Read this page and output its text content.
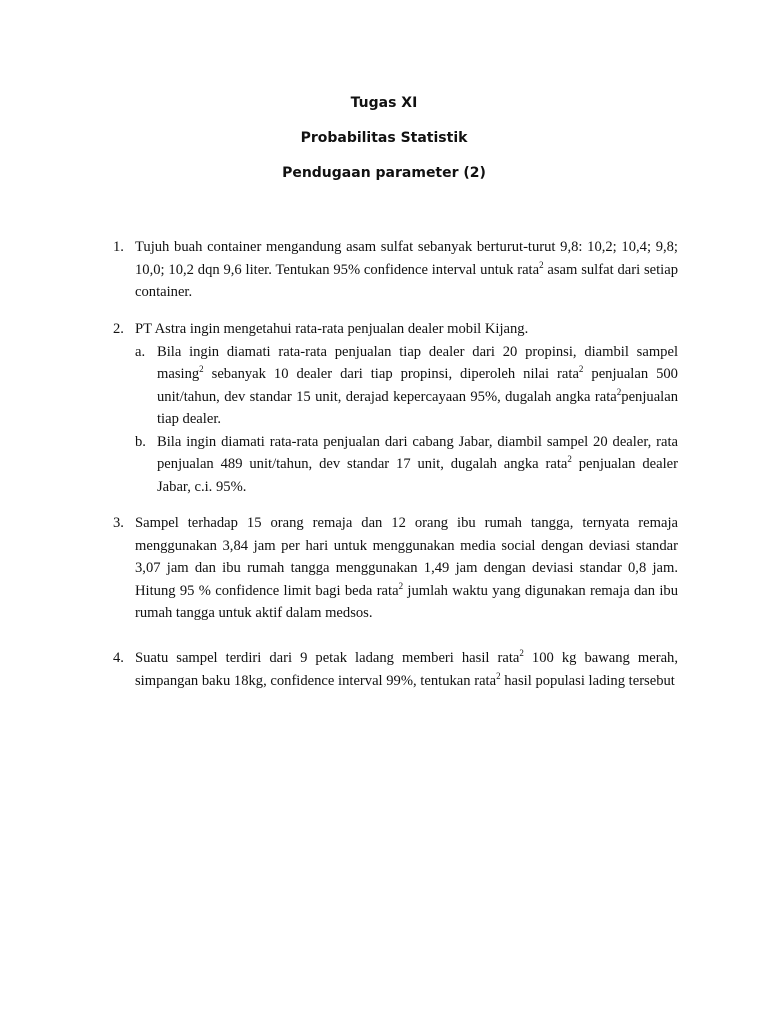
Tugas XI
Probabilitas Statistik
Pendugaan parameter (2)
1. Tujuh buah container mengandung asam sulfat sebanyak berturut-turut 9,8: 10,2; 10,4; 9,8; 10,0; 10,2 dqn 9,6 liter. Tentukan 95% confidence interval untuk rata$^2$ asam sulfat dari setiap container.
2. PT Astra ingin mengetahui rata-rata penjualan dealer mobil Kijang.
a. Bila ingin diamati rata-rata penjualan tiap dealer dari 20 propinsi, diambil sampel masing$^2$ sebanyak 10 dealer dari tiap propinsi, diperoleh nilai rata$^2$ penjualan 500 unit/tahun, dev standar 15 unit, derajad kepercayaan 95%, dugalah angka rata$^2$penjualan tiap dealer.
b. Bila ingin diamati rata-rata penjualan dari cabang Jabar, diambil sampel 20 dealer, rata penjualan 489 unit/tahun, dev standar 17 unit, dugalah angka rata$^2$ penjualan dealer Jabar, c.i. 95%.
3. Sampel terhadap 15 orang remaja dan 12 orang ibu rumah tangga, ternyata remaja menggunakan 3,84 jam per hari untuk menggunakan media social dengan deviasi standar 3,07 jam dan ibu rumah tangga menggunakan 1,49 jam dengan deviasi standar 0,8 jam. Hitung 95 % confidence limit bagi beda rata$^2$ jumlah waktu yang digunakan remaja dan ibu rumah tangga untuk aktif dalam medsos.
4. Suatu sampel terdiri dari 9 petak ladang memberi hasil rata$^2$ 100 kg bawang merah, simpangan baku 18kg, confidence interval 99%, tentukan rata$^2$ hasil populasi lading tersebut
